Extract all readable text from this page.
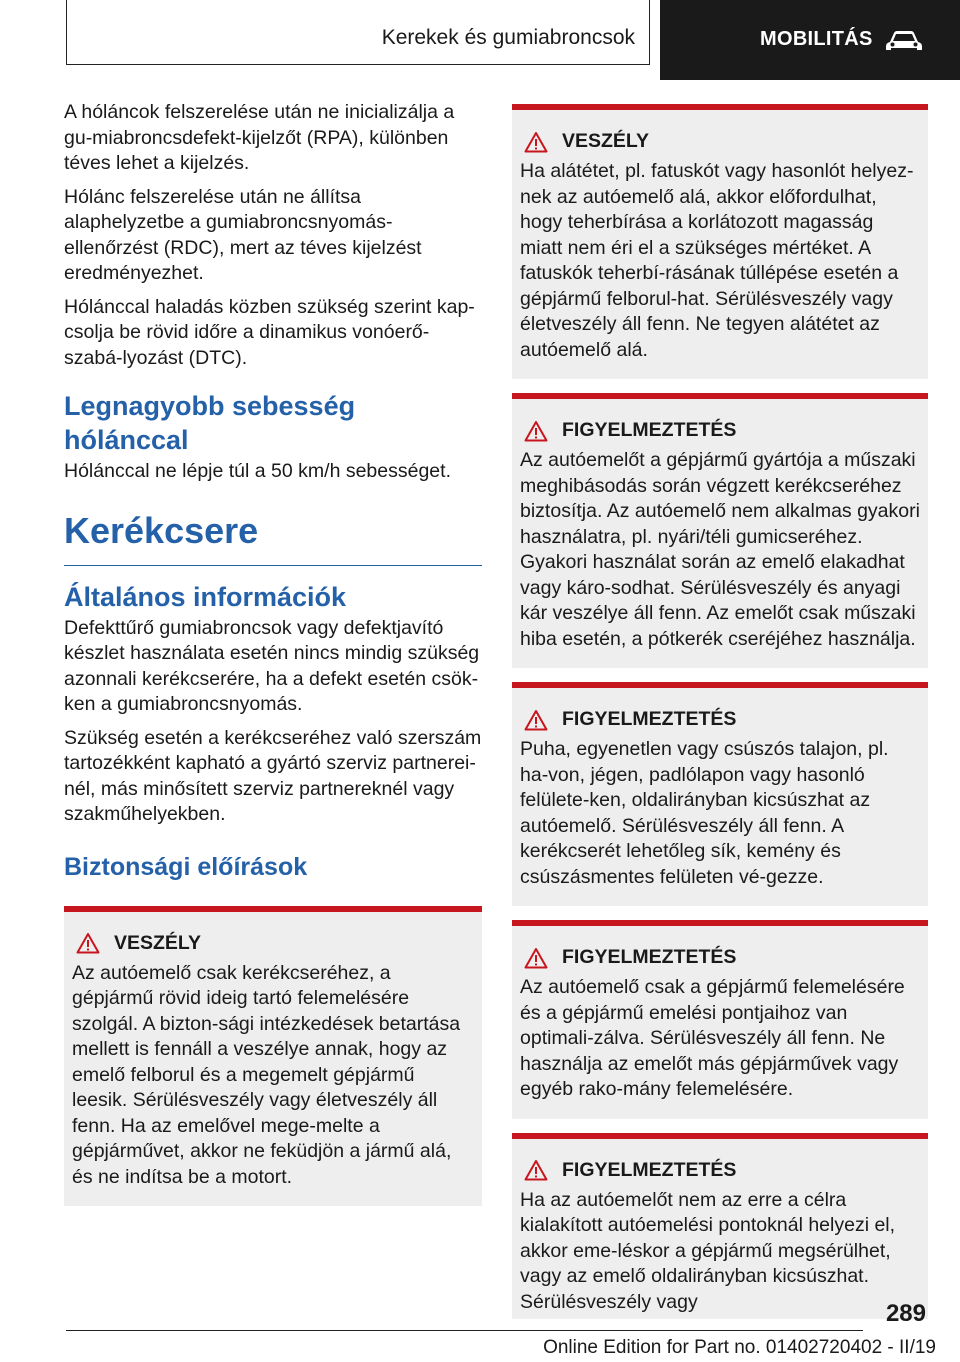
Kerekek és gumiabroncsok	MOBILITÁS

A hóláncok felszerelése után ne inicializálja a gu-miabroncsdefekt-kijelzőt (RPA), különben téves lehet a kijelzés.

Hólánc felszerelése után ne állítsa alaphelyzetbe a gumiabroncsnyomás-ellenőrzést (RDC), mert az téves kijelzést eredményezhet.

Hólánccal haladás közben szükség szerint kap-csolja be rövid időre a dinamikus vonóerő-szabá-lyozást (DTC).

Legnagyobb sebesség hólánccal

Hólánccal ne lépje túl a 50 km/h sebességet.

Kerékcsere
Általános információk

Defekttűrő gumiabroncsok vagy defektjavító készlet használata esetén nincs mindig szükség azonnali kerékcserére, ha a defekt esetén csök-ken a gumiabroncsnyomás.

Szükség esetén a kerékcseréhez való szerszám tartozékként kapható a gyártó szerviz partnerei-nél, más minősített szerviz partnereknél vagy szakműhelyekben.

Biztonsági előírások
VESZÉLY

Az autóemelő csak kerékcseréhez, a gépjármű rövid ideig tartó felemelésére szolgál. A bizton-sági intézkedések betartása mellett is fennáll a veszélye annak, hogy az emelő felborul és a megemelt gépjármű leesik. Sérülésveszély vagy életveszély áll fenn. Ha az emelővel mege-melte a gépjárművet, akkor ne feküdjön a jármű alá, és ne indítsa be a motort.

VESZÉLY

Ha alátétet, pl. fatuskót vagy hasonlót helyez-nek az autóemelő alá, akkor előfordulhat, hogy teherbírása a korlátozott magasság miatt nem éri el a szükséges mértéket. A fatuskók teherbí-rásának túllépése esetén a gépjármű felborul-hat. Sérülésveszély vagy életveszély áll fenn. Ne tegyen alátétet az autóemelő alá.

FIGYELMEZTETÉS

Az autóemelőt a gépjármű gyártója a műszaki meghibásodás során végzett kerékcseréhez biztosítja. Az autóemelő nem alkalmas gyakori használatra, pl. nyári/téli gumicseréhez. Gyakori használat során az emelő elakadhat vagy káro-sodhat. Sérülésveszély és anyagi kár veszélye áll fenn. Az emelőt csak műszaki hiba esetén, a pótkerék cseréjéhez használja.

FIGYELMEZTETÉS

Puha, egyenetlen vagy csúszós talajon, pl. ha-von, jégen, padlólapon vagy hasonló felülete-ken, oldalirányban kicsúszhat az autóemelő. Sérülésveszély áll fenn. A kerékcserét lehetőleg sík, kemény és csúszásmentes felületen vé-gezze.

FIGYELMEZTETÉS

Az autóemelő csak a gépjármű felemelésére és a gépjármű emelési pontjaihoz van optimali-zálva. Sérülésveszély áll fenn. Ne használja az emelőt más gépjárművek vagy egyéb rako-mány felemelésére.

FIGYELMEZTETÉS

Ha az autóemelőt nem az erre a célra kialakított autóemelési pontoknál helyezi el, akkor eme-léskor a gépjármű megsérülhet, vagy az emelő oldalirányban kicsúszhat. Sérülésveszély vagy	289
Online Edition for Part no. 01402720402 - II/19
